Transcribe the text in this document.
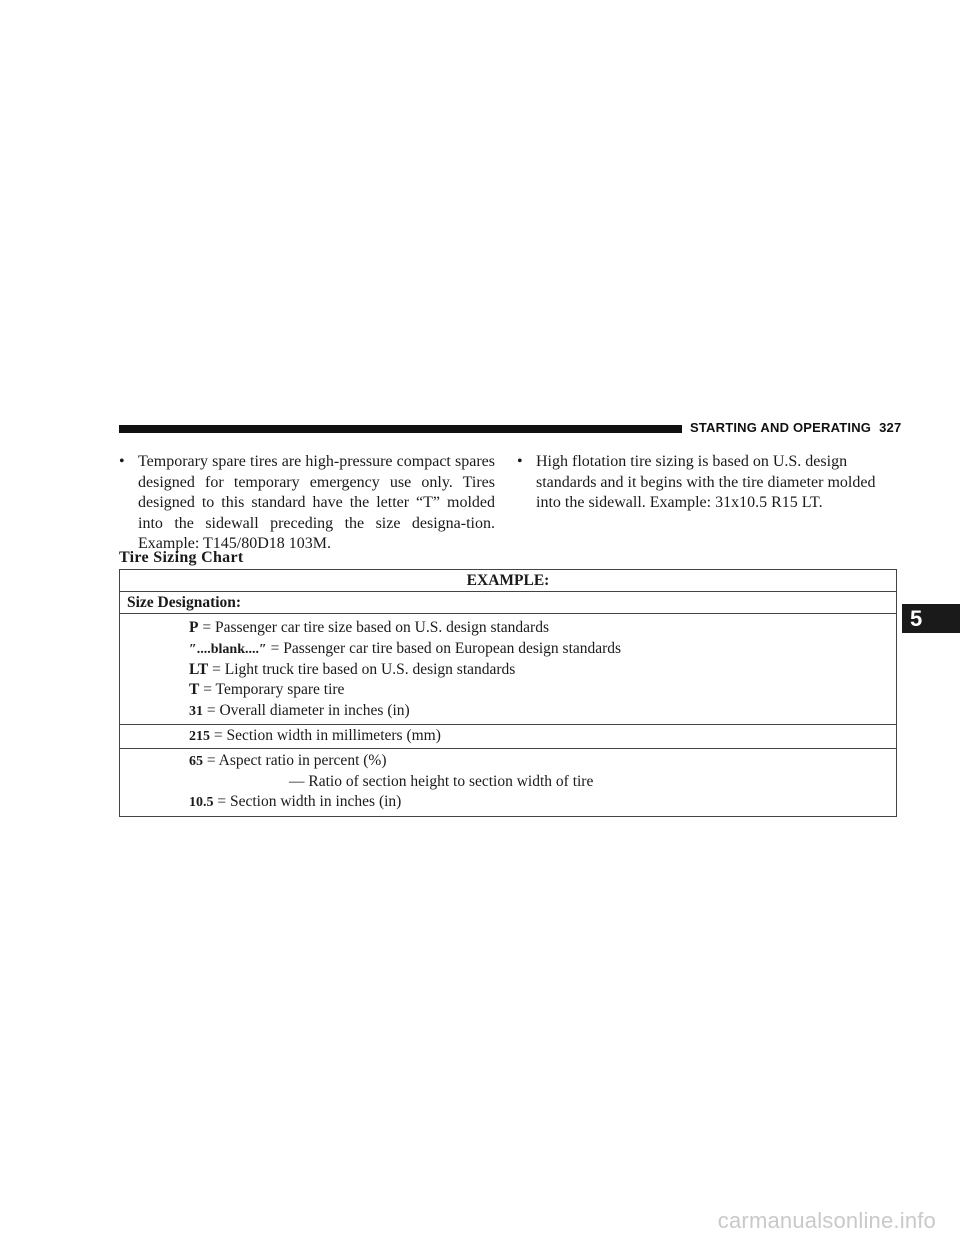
STARTING AND OPERATING 327
• Temporary spare tires are high-pressure compact spares designed for temporary emergency use only. Tires designed to this standard have the letter “T” molded into the sidewall preceding the size designa-tion. Example: T145/80D18 103M.
• High flotation tire sizing is based on U.S. design standards and it begins with the tire diameter molded into the sidewall. Example: 31x10.5 R15 LT.
Tire Sizing Chart
EXAMPLE:
Size Designation:
P = Passenger car tire size based on U.S. design standards
″....blank....″ = Passenger car tire based on European design standards
LT = Light truck tire based on U.S. design standards
T = Temporary spare tire
31 = Overall diameter in inches (in)
215 = Section width in millimeters (mm)
65 = Aspect ratio in percent (%)
— Ratio of section height to section width of tire
10.5 = Section width in inches (in)
5
carmanualsonline.info
